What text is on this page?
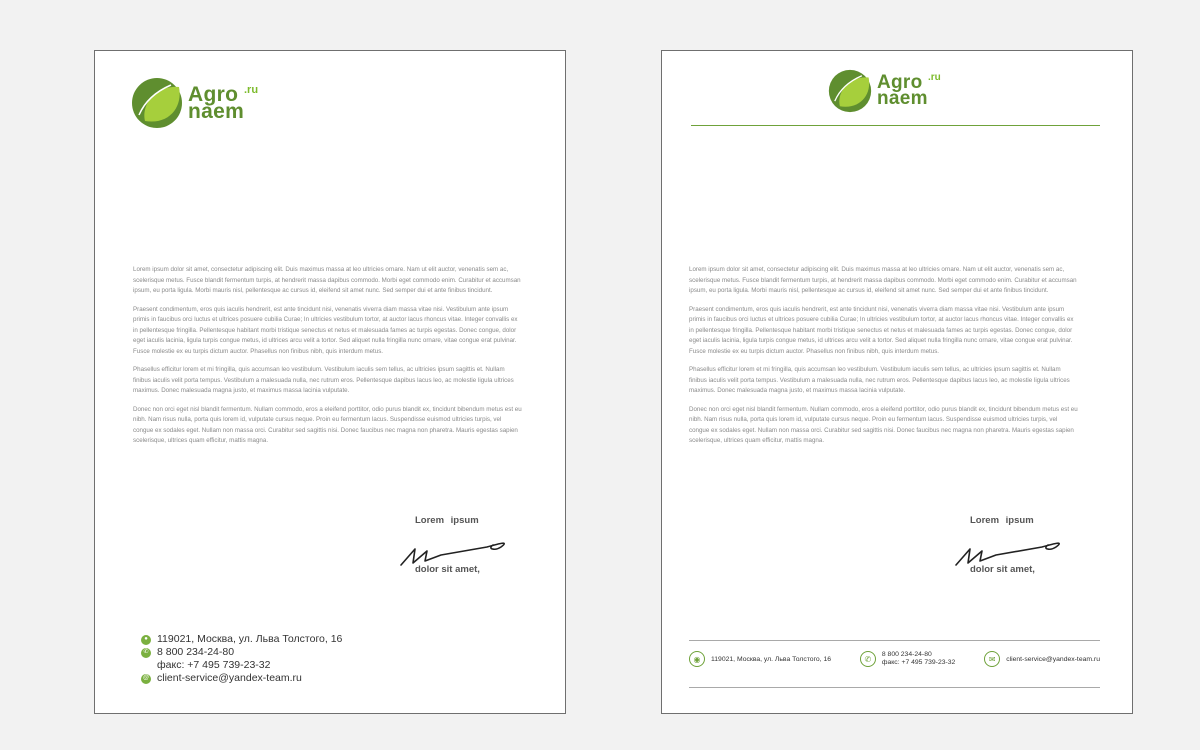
Agro
naem
.ru

Lorem ipsum dolor sit amet, consectetur adipiscing elit. Duis maximus massa at leo ultricies ornare. Nam ut elit auctor, venenatis sem ac, scelerisque metus. Fusce blandit fermentum turpis, at hendrerit massa dapibus commodo. Morbi eget commodo enim. Curabitur et accumsan ipsum, eu porta ligula. Morbi mauris nisl, pellentesque ac cursus id, eleifend sit amet nunc. Sed semper dui et ante finibus tincidunt.

Praesent condimentum, eros quis iaculis hendrerit, est ante tincidunt nisi, venenatis viverra diam massa vitae nisi. Vestibulum ante ipsum primis in faucibus orci luctus et ultrices posuere cubilia Curae; In ultricies vestibulum tortor, at auctor lacus rhoncus vitae. Integer convallis ex in pellentesque fringilla. Pellentesque habitant morbi tristique senectus et netus et malesuada fames ac turpis egestas. Donec congue, dolor eget iaculis lacinia, ligula turpis congue metus, id ultrices arcu velit a tortor. Sed aliquet nulla fringilla nunc ornare, vitae congue erat pulvinar. Fusce molestie ex eu turpis dictum auctor. Phasellus non finibus nibh, quis interdum metus.

Phasellus efficitur lorem et mi fringilla, quis accumsan leo vestibulum. Vestibulum iaculis sem tellus, ac ultricies ipsum sagittis et. Nullam finibus iaculis velit porta tempus. Vestibulum a malesuada nulla, nec rutrum eros. Pellentesque dapibus lacus leo, ac molestie ligula ultrices maximus. Donec malesuada magna justo, et maximus massa lacinia vulputate.

Donec non orci eget nisl blandit fermentum. Nullam commodo, eros a eleifend porttitor, odio purus blandit ex, tincidunt bibendum metus est eu nibh. Nam risus nulla, porta quis lorem id, vulputate cursus neque. Proin eu fermentum lacus. Suspendisse euismod ultricies turpis, vel congue ex sodales eget. Nullam non massa orci. Curabitur sed sagittis nisi. Donec faucibus nec magna non pharetra. Mauris egestas sapien scelerisque, ultrices quam efficitur, mattis magna.

Lorem ipsum
dolor sit amet,
● 119021, Москва, ул. Льва Толстого, 16
✆ 8 800 234-24-80
факс: +7 495 739-23-32
@ client-service@yandex-team.ru
Agro
naem
.ru

Lorem ipsum dolor sit amet, consectetur adipiscing elit. Duis maximus massa at leo ultricies ornare. Nam ut elit auctor, venenatis sem ac, scelerisque metus. Fusce blandit fermentum turpis, at hendrerit massa dapibus commodo. Morbi eget commodo enim. Curabitur et accumsan ipsum, eu porta ligula. Morbi mauris nisl, pellentesque ac cursus id, eleifend sit amet nunc. Sed semper dui et ante finibus tincidunt.

Praesent condimentum, eros quis iaculis hendrerit, est ante tincidunt nisi, venenatis viverra diam massa vitae nisi. Vestibulum ante ipsum primis in faucibus orci luctus et ultrices posuere cubilia Curae; In ultricies vestibulum tortor, at auctor lacus rhoncus vitae. Integer convallis ex in pellentesque fringilla. Pellentesque habitant morbi tristique senectus et netus et malesuada fames ac turpis egestas. Donec congue, dolor eget iaculis lacinia, ligula turpis congue metus, id ultrices arcu velit a tortor. Sed aliquet nulla fringilla nunc ornare, vitae congue erat pulvinar. Fusce molestie ex eu turpis dictum auctor. Phasellus non finibus nibh, quis interdum metus.

Phasellus efficitur lorem et mi fringilla, quis accumsan leo vestibulum. Vestibulum iaculis sem tellus, ac ultricies ipsum sagittis et. Nullam finibus iaculis velit porta tempus. Vestibulum a malesuada nulla, nec rutrum eros. Pellentesque dapibus lacus leo, ac molestie ligula ultrices maximus. Donec malesuada magna justo, et maximus massa lacinia vulputate.

Donec non orci eget nisl blandit fermentum. Nullam commodo, eros a eleifend porttitor, odio purus blandit ex, tincidunt bibendum metus est eu nibh. Nam risus nulla, porta quis lorem id, vulputate cursus neque. Proin eu fermentum lacus. Suspendisse euismod ultricies turpis, vel congue ex sodales eget. Nullam non massa orci. Curabitur sed sagittis nisi. Donec faucibus nec magna non pharetra. Mauris egestas sapien scelerisque, ultrices quam efficitur, mattis magna.

Lorem ipsum
dolor sit amet,
◉	119021, Москва, ул. Льва Толстого, 16	✆	8 800 234-24-80
факс: +7 495 739-23-32	✉	client-service@yandex-team.ru
